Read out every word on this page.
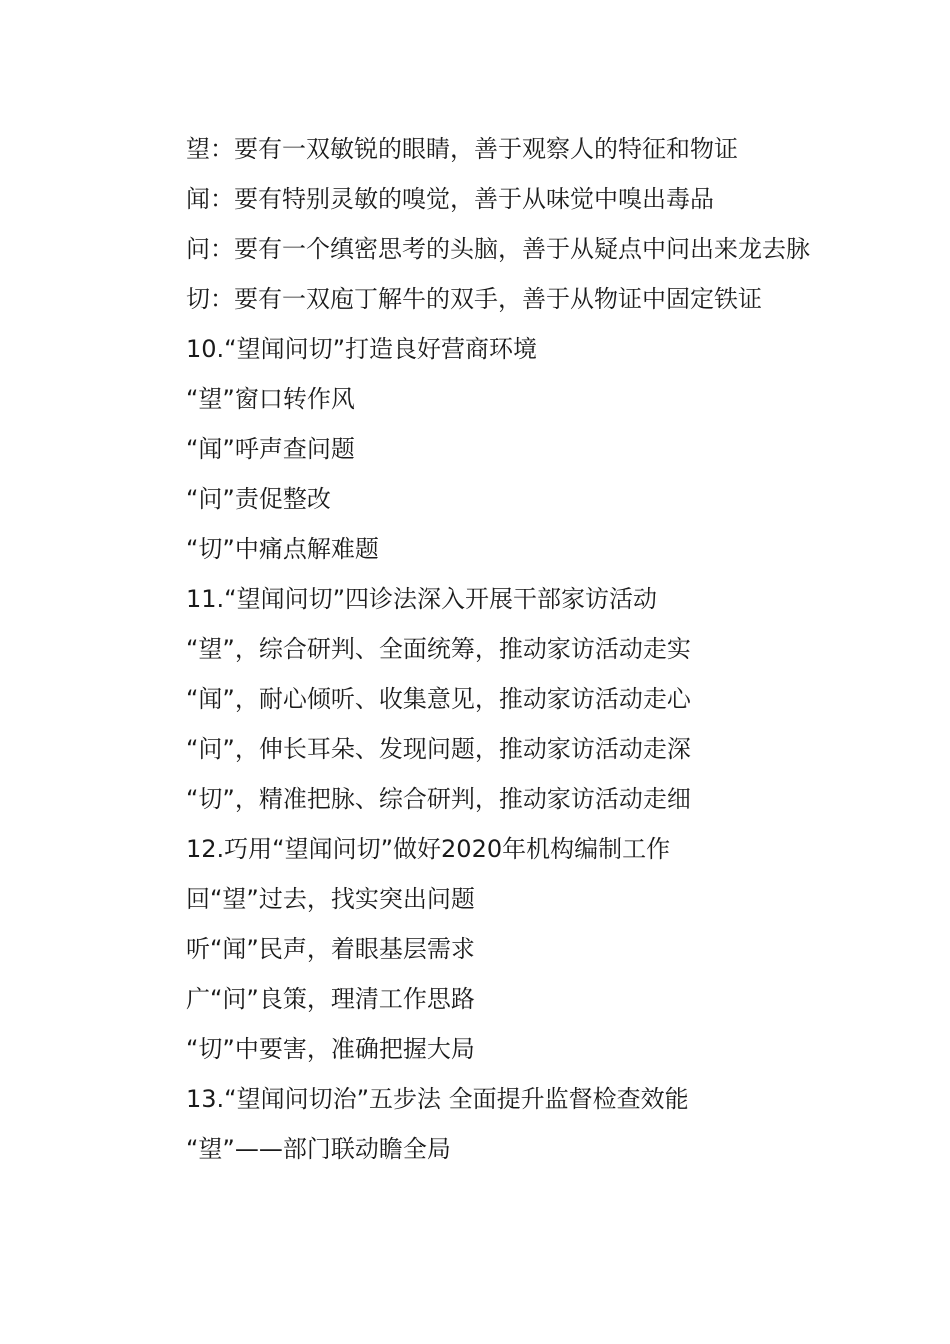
望：要有一双敏锐的眼睛，善于观察人的特征和物证

闻：要有特别灵敏的嗅觉，善于从味觉中嗅出毒品

问：要有一个缜密思考的头脑，善于从疑点中问出来龙去脉

切：要有一双庖丁解牛的双手，善于从物证中固定铁证

10.“望闻问切”打造良好营商环境

“望”窗口转作风

“闻”呼声查问题

“问”责促整改

“切”中痛点解难题

11.“望闻问切”四诊法深入开展干部家访活动

“望”，综合研判、全面统筹，推动家访活动走实

“闻”，耐心倾听、收集意见，推动家访活动走心

“问”，伸长耳朵、发现问题，推动家访活动走深

“切”，精准把脉、综合研判，推动家访活动走细

12.巧用“望闻问切”做好2020年机构编制工作

回“望”过去，找实突出问题

听“闻”民声，着眼基层需求

广“问”良策，理清工作思路

“切”中要害，准确把握大局

13.“望闻问切治”五步法 全面提升监督检查效能

“望”——部门联动瞻全局
